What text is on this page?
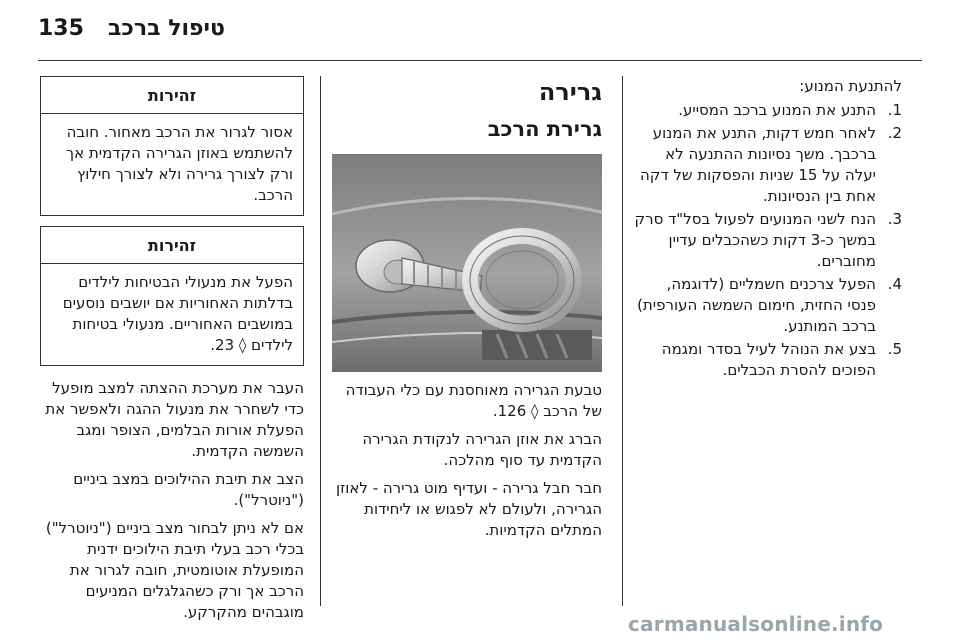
135 טיפול ברכב

להתנעת המנוע:

1.
התנע את המנוע ברכב המסייע.
2.
לאחר חמש דקות, התנע את המנוע ברכבך. משך נסיונות ההתנעה לא יעלה על 15 שניות והפסקות של דקה אחת בין הנסיונות.
3.
הנח לשני המנועים לפעול בסל"ד סרק במשך כ-3 דקות כשהכבלים עדיין מחוברים.
4.
הפעל צרכנים חשמליים (לדוגמה, פנסי החזית, חימום השמשה העורפית) ברכב המותנע.
5.
בצע את הנוהל לעיל בסדר ומגמה הפוכים להסרת הכבלים.
גרירה
גרירת הרכב

טבעת הגרירה מאוחסנת עם כלי העבודה של הרכב ◊ 126.

הברג את אוזן הגרירה לנקודת הגרירה הקדמית עד סוף מהלכה.

חבר חבל גרירה - ועדיף מוט גרירה - לאוזן הגרירה, ולעולם לא לפגוש או ליחידות המתלים הקדמיות.

זהירות
אסור לגרור את הרכב מאחור. חובה להשתמש באוזן הגרירה הקדמית אך ורק לצורך גרירה ולא לצורך חילוץ הרכב.
זהירות
הפעל את מנעולי הבטיחות לילדים בדלתות האחוריות אם יושבים נוסעים במושבים האחוריים. מנעולי בטיחות לילדים ◊ 23.

העבר את מערכת ההצתה למצב מופעל כדי לשחרר את מנעול ההגה ולאפשר את הפעלת אורות הבלמים, הצופר ומגב השמשה הקדמית.

הצב את תיבת ההילוכים במצב ביניים ("ניוטרל").

אם לא ניתן לבחור מצב ביניים ("ניוטרל") בכלי רכב בעלי תיבת הילוכים ידנית המופעלת אוטומטית, חובה לגרור את הרכב אך ורק כשהגלגלים המניעים מוגבהים מהקרקע.	carmanualsonline.info
